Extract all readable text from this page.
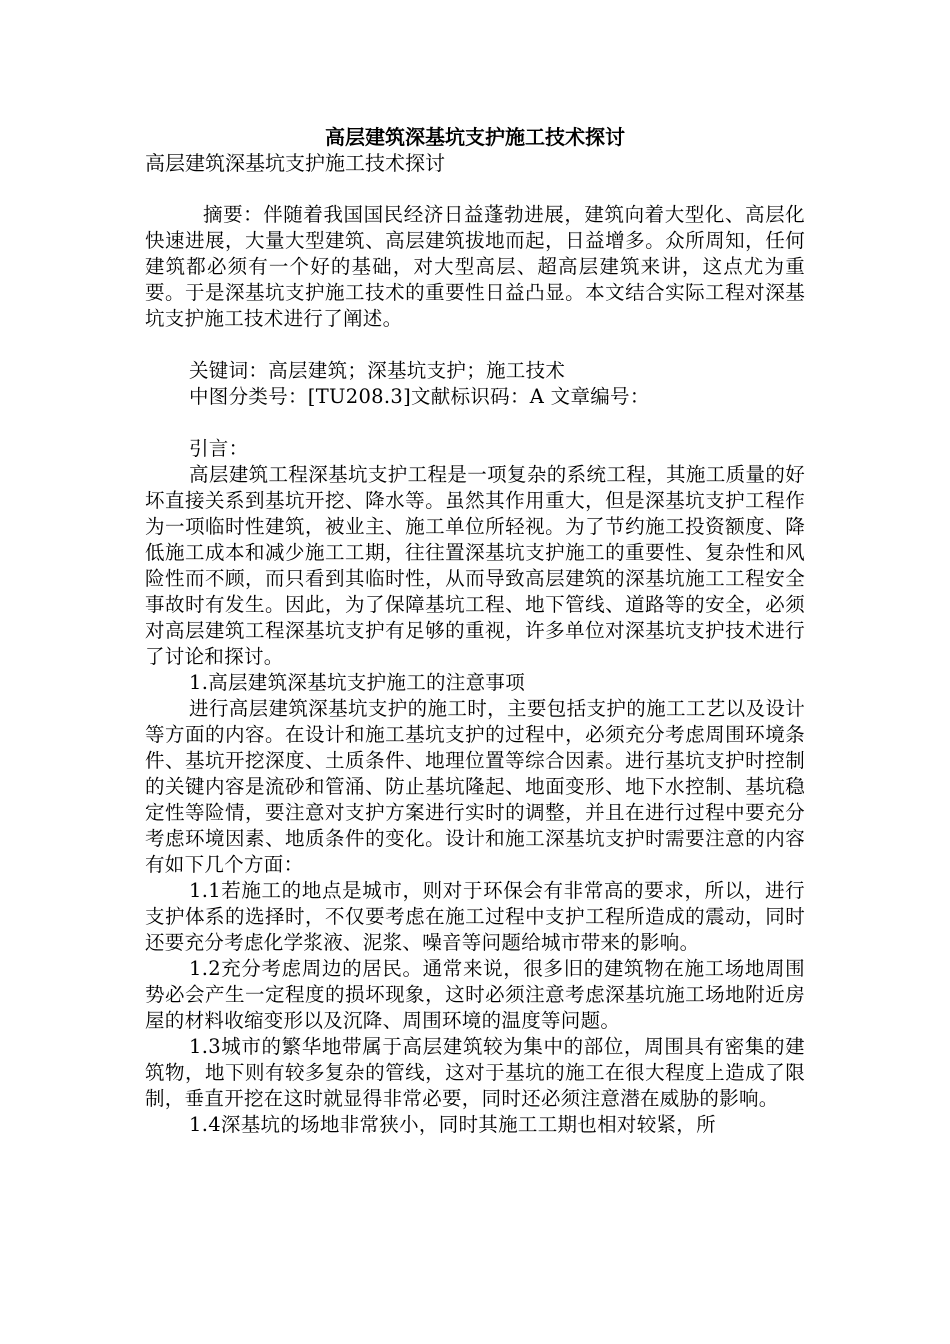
高层建筑深基坑支护施工技术探讨
高层建筑深基坑支护施工技术探讨

摘要：伴随着我国国民经济日益蓬勃进展，建筑向着大型化、高层化快速进展，大量大型建筑、高层建筑拔地而起，日益增多。众所周知，任何建筑都必须有一个好的基础，对大型高层、超高层建筑来讲，这点尤为重要。于是深基坑支护施工技术的重要性日益凸显。本文结合实际工程对深基坑支护施工技术进行了阐述。

关键词：高层建筑；深基坑支护；施工技术

中图分类号：[TU208.3]文献标识码：A 文章编号：

引言：

高层建筑工程深基坑支护工程是一项复杂的系统工程，其施工质量的好坏直接关系到基坑开挖、降水等。虽然其作用重大，但是深基坑支护工程作为一项临时性建筑，被业主、施工单位所轻视。为了节约施工投资额度、降低施工成本和减少施工工期，往往置深基坑支护施工的重要性、复杂性和风险性而不顾，而只看到其临时性，从而导致高层建筑的深基坑施工工程安全事故时有发生。因此，为了保障基坑工程、地下管线、道路等的安全，必须对高层建筑工程深基坑支护有足够的重视，许多单位对深基坑支护技术进行了讨论和探讨。

1.高层建筑深基坑支护施工的注意事项

进行高层建筑深基坑支护的施工时，主要包括支护的施工工艺以及设计等方面的内容。在设计和施工基坑支护的过程中，必须充分考虑周围环境条件、基坑开挖深度、土质条件、地理位置等综合因素。进行基坑支护时控制的关键内容是流砂和管涌、防止基坑隆起、地面变形、地下水控制、基坑稳定性等险情，要注意对支护方案进行实时的调整，并且在进行过程中要充分考虑环境因素、地质条件的变化。设计和施工深基坑支护时需要注意的内容有如下几个方面：

1.1若施工的地点是城市，则对于环保会有非常高的要求，所以，进行支护体系的选择时，不仅要考虑在施工过程中支护工程所造成的震动，同时还要充分考虑化学浆液、泥浆、噪音等问题给城市带来的影响。

1.2充分考虑周边的居民。通常来说，很多旧的建筑物在施工场地周围势必会产生一定程度的损坏现象，这时必须注意考虑深基坑施工场地附近房屋的材料收缩变形以及沉降、周围环境的温度等问题。

1.3城市的繁华地带属于高层建筑较为集中的部位，周围具有密集的建筑物，地下则有较多复杂的管线，这对于基坑的施工在很大程度上造成了限制，垂直开挖在这时就显得非常必要，同时还必须注意潜在威胁的影响。

1.4深基坑的场地非常狭小，同时其施工工期也相对较紧，所
